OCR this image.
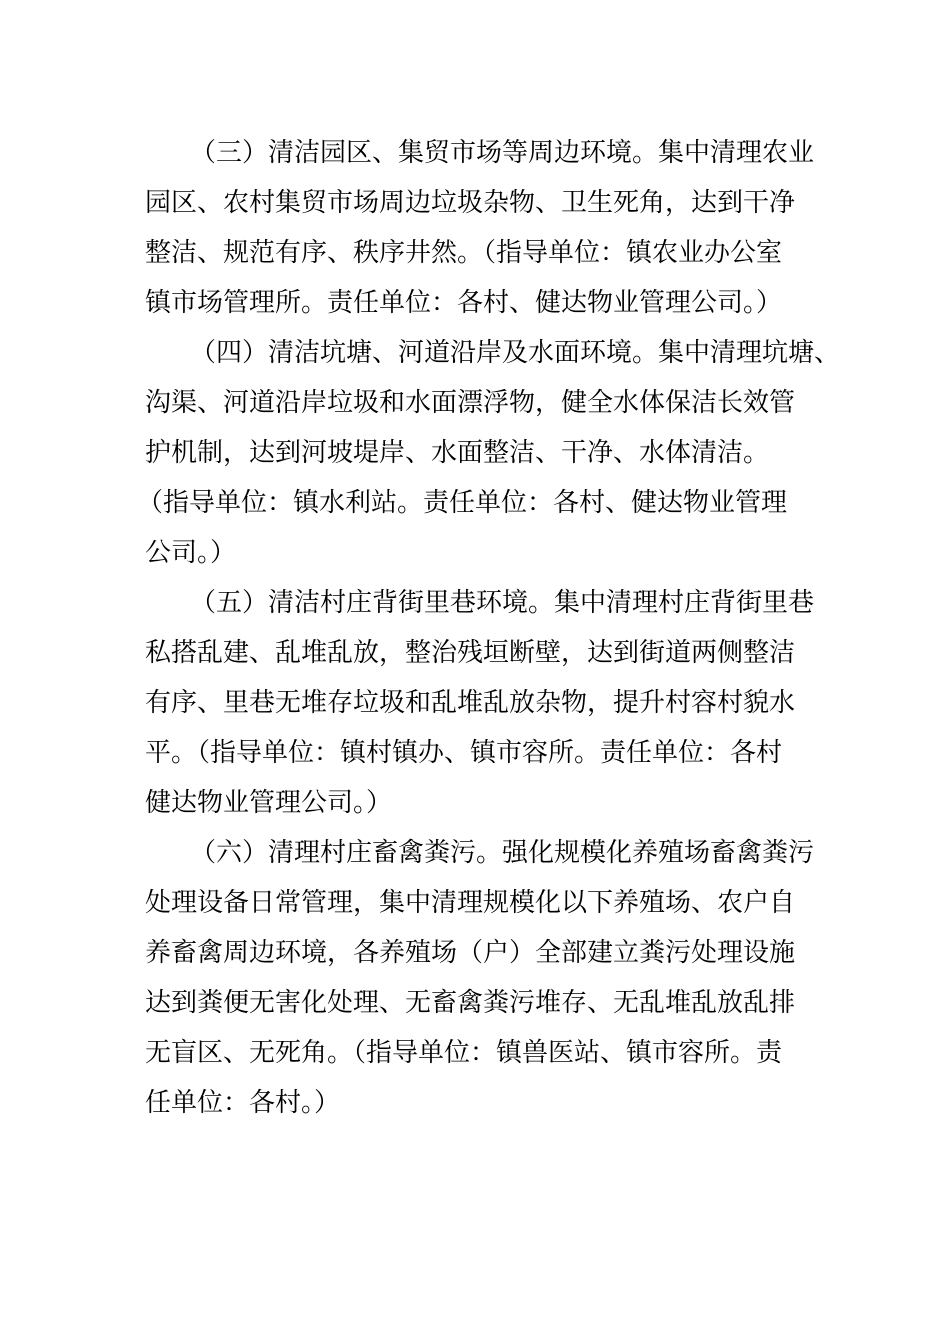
（三）清洁园区、集贸市场等周边环境。集中清理农业
园区、农村集贸市场周边垃圾杂物、卫生死角，达到干净
整洁、规范有序、秩序井然。（指导单位：镇农业办公室
镇市场管理所。责任单位：各村、健达物业管理公司。）
（四）清洁坑塘、河道沿岸及水面环境。集中清理坑塘、
沟渠、河道沿岸垃圾和水面漂浮物，健全水体保洁长效管
护机制，达到河坡堤岸、水面整洁、干净、水体清洁。
（指导单位：镇水利站。责任单位：各村、健达物业管理
公司。）
（五）清洁村庄背街里巷环境。集中清理村庄背街里巷
私搭乱建、乱堆乱放，整治残垣断壁，达到街道两侧整洁
有序、里巷无堆存垃圾和乱堆乱放杂物，提升村容村貌水
平。（指导单位：镇村镇办、镇市容所。责任单位：各村
健达物业管理公司。）
（六）清理村庄畜禽粪污。强化规模化养殖场畜禽粪污
处理设备日常管理，集中清理规模化以下养殖场、农户自
养畜禽周边环境，各养殖场（户）全部建立粪污处理设施
达到粪便无害化处理、无畜禽粪污堆存、无乱堆乱放乱排
无盲区、无死角。（指导单位：镇兽医站、镇市容所。责
任单位：各村。）
